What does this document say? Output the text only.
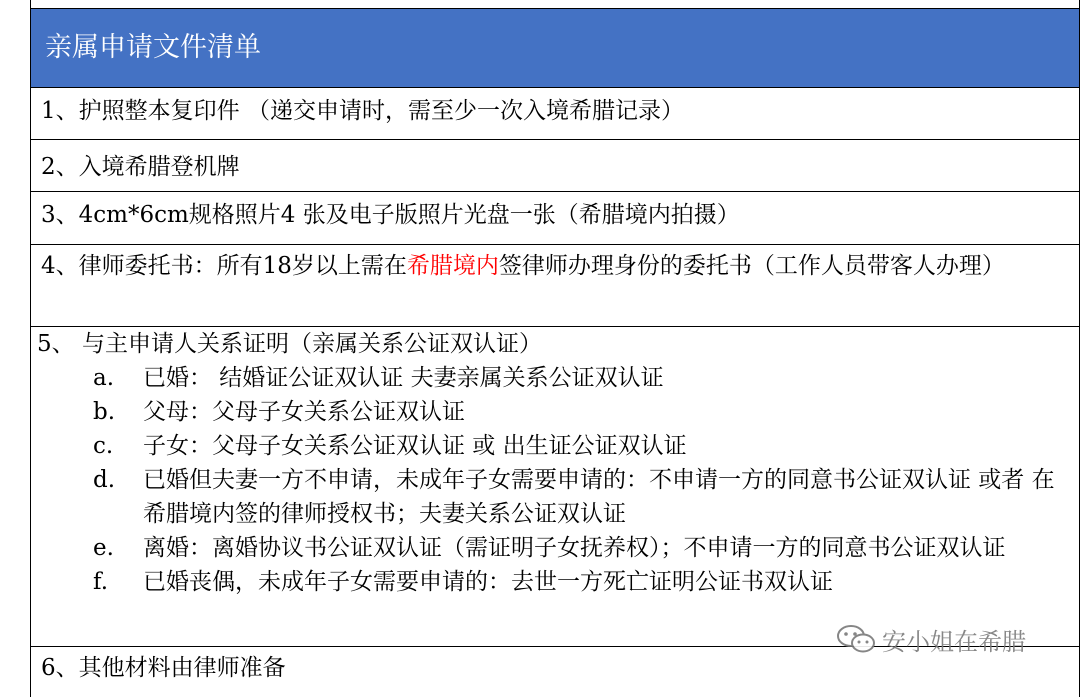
亲属申请文件清单
1、护照整本复印件 （递交申请时，需至少一次入境希腊记录）
2、入境希腊登机牌
3、4cm*6cm规格照片4 张及电子版照片光盘一张（希腊境内拍摄）
4、律师委托书：所有18岁以上需在希腊境内签律师办理身份的委托书（工作人员带客人办理）
5、 与主申请人关系证明（亲属关系公证双认证）
a. 已婚： 结婚证公证双认证 夫妻亲属关系公证双认证
b. 父母：父母子女关系公证双认证
c. 子女：父母子女关系公证双认证 或 出生证公证双认证
d. 已婚但夫妻一方不申请，未成年子女需要申请的：不申请一方的同意书公证双认证 或者 在希腊境内签的律师授权书；夫妻关系公证双认证
e. 离婚：离婚协议书公证双认证（需证明子女抚养权）；不申请一方的同意书公证双认证
f. 已婚丧偶，未成年子女需要申请的：去世一方死亡证明公证书双认证
6、其他材料由律师准备
安小姐在希腊
